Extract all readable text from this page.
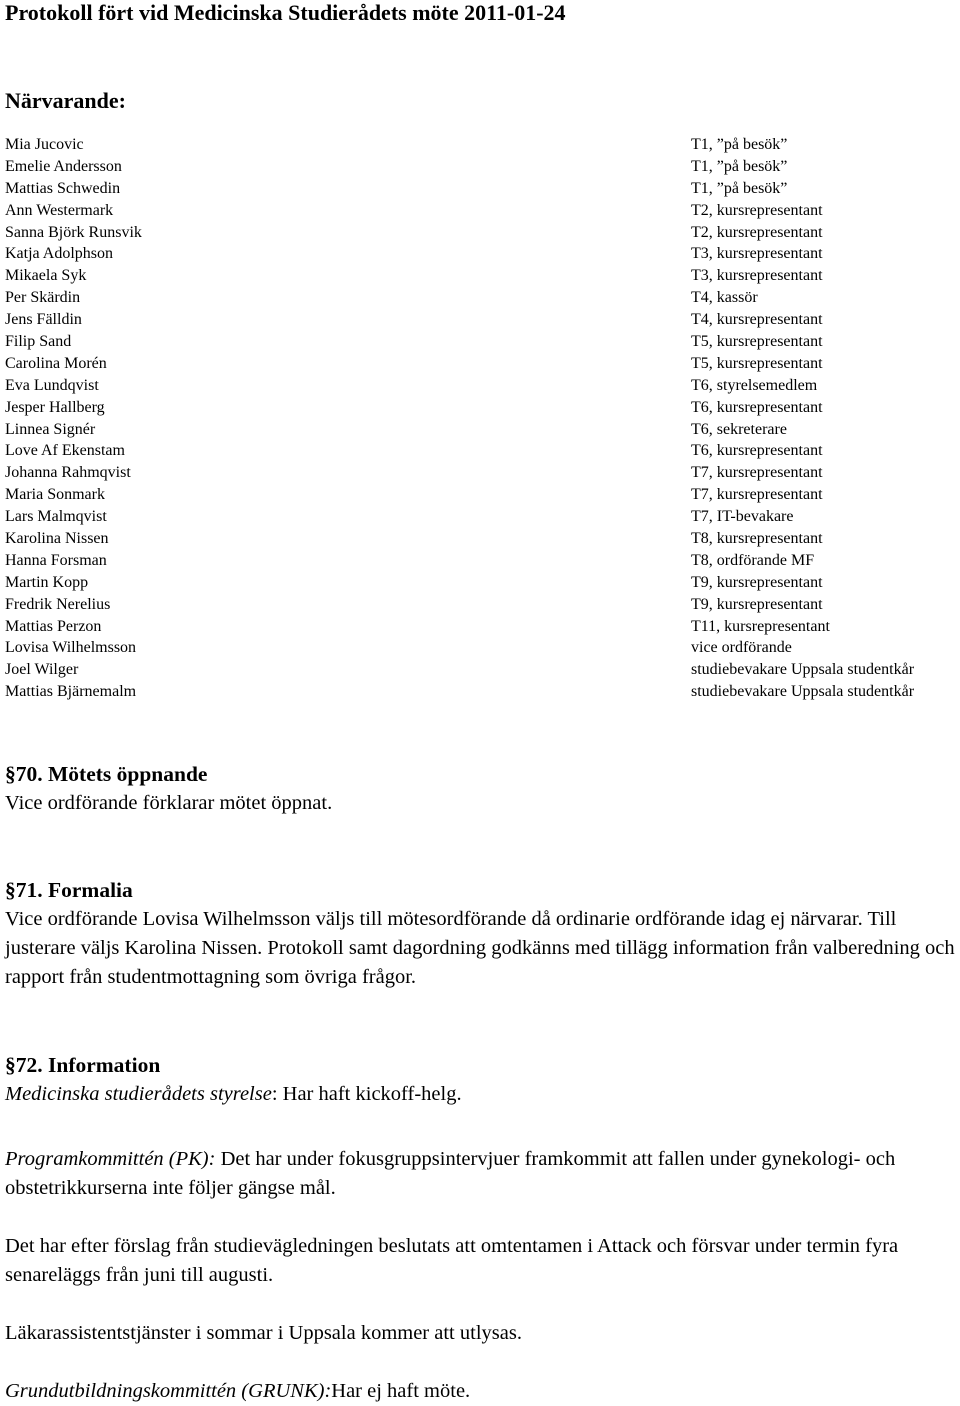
Protokoll fört vid Medicinska Studierådets möte 2011-01-24
Närvarande:
Mia Jucovic	T1, ”på besök”
Emelie Andersson	T1, ”på besök”
Mattias Schwedin	T1, ”på besök”
Ann Westermark	T2, kursrepresentant
Sanna Björk Runsvik	T2, kursrepresentant
Katja Adolphson	T3, kursrepresentant
Mikaela Syk	T3, kursrepresentant
Per Skärdin	T4, kassör
Jens Fälldin	T4, kursrepresentant
Filip Sand	T5, kursrepresentant
Carolina Morén	T5, kursrepresentant
Eva Lundqvist	T6, styrelsemedlem
Jesper Hallberg	T6, kursrepresentant
Linnea Signér	T6, sekreterare
Love Af Ekenstam	T6, kursrepresentant
Johanna Rahmqvist	T7, kursrepresentant
Maria Sonmark	T7, kursrepresentant
Lars Malmqvist	T7, IT-bevakare
Karolina Nissen	T8, kursrepresentant
Hanna Forsman	T8, ordförande MF
Martin Kopp	T9, kursrepresentant
Fredrik Nerelius	T9, kursrepresentant
Mattias Perzon	T11, kursrepresentant
Lovisa Wilhelmsson	vice ordförande
Joel Wilger	studiebevakare Uppsala studentkår
Mattias Bjärnemalm	studiebevakare Uppsala studentkår
§70. Mötets öppnande
Vice ordförande förklarar mötet öppnat.
§71. Formalia
Vice ordförande Lovisa Wilhelmsson väljs till mötesordförande då ordinarie ordförande idag ej närvarar. Till justerare väljs Karolina Nissen. Protokoll samt dagordning godkänns med tillägg information från valberedning och rapport från studentmottagning som övriga frågor.
§72. Information
Medicinska studierådets styrelse: Har haft kickoff-helg.
Programkommittén (PK): Det har under fokusgruppsintervjuer framkommit att fallen under gynekologi- och obstetrikkurserna inte följer gängse mål.
Det har efter förslag från studievägledningen beslutats att omtentamen i Attack och försvar under termin fyra senareläggs från juni till augusti.
Läkarassistentstjänster i sommar i Uppsala kommer att utlysas.
Grundutbildningskommittén (GRUNK):Har ej haft möte.
